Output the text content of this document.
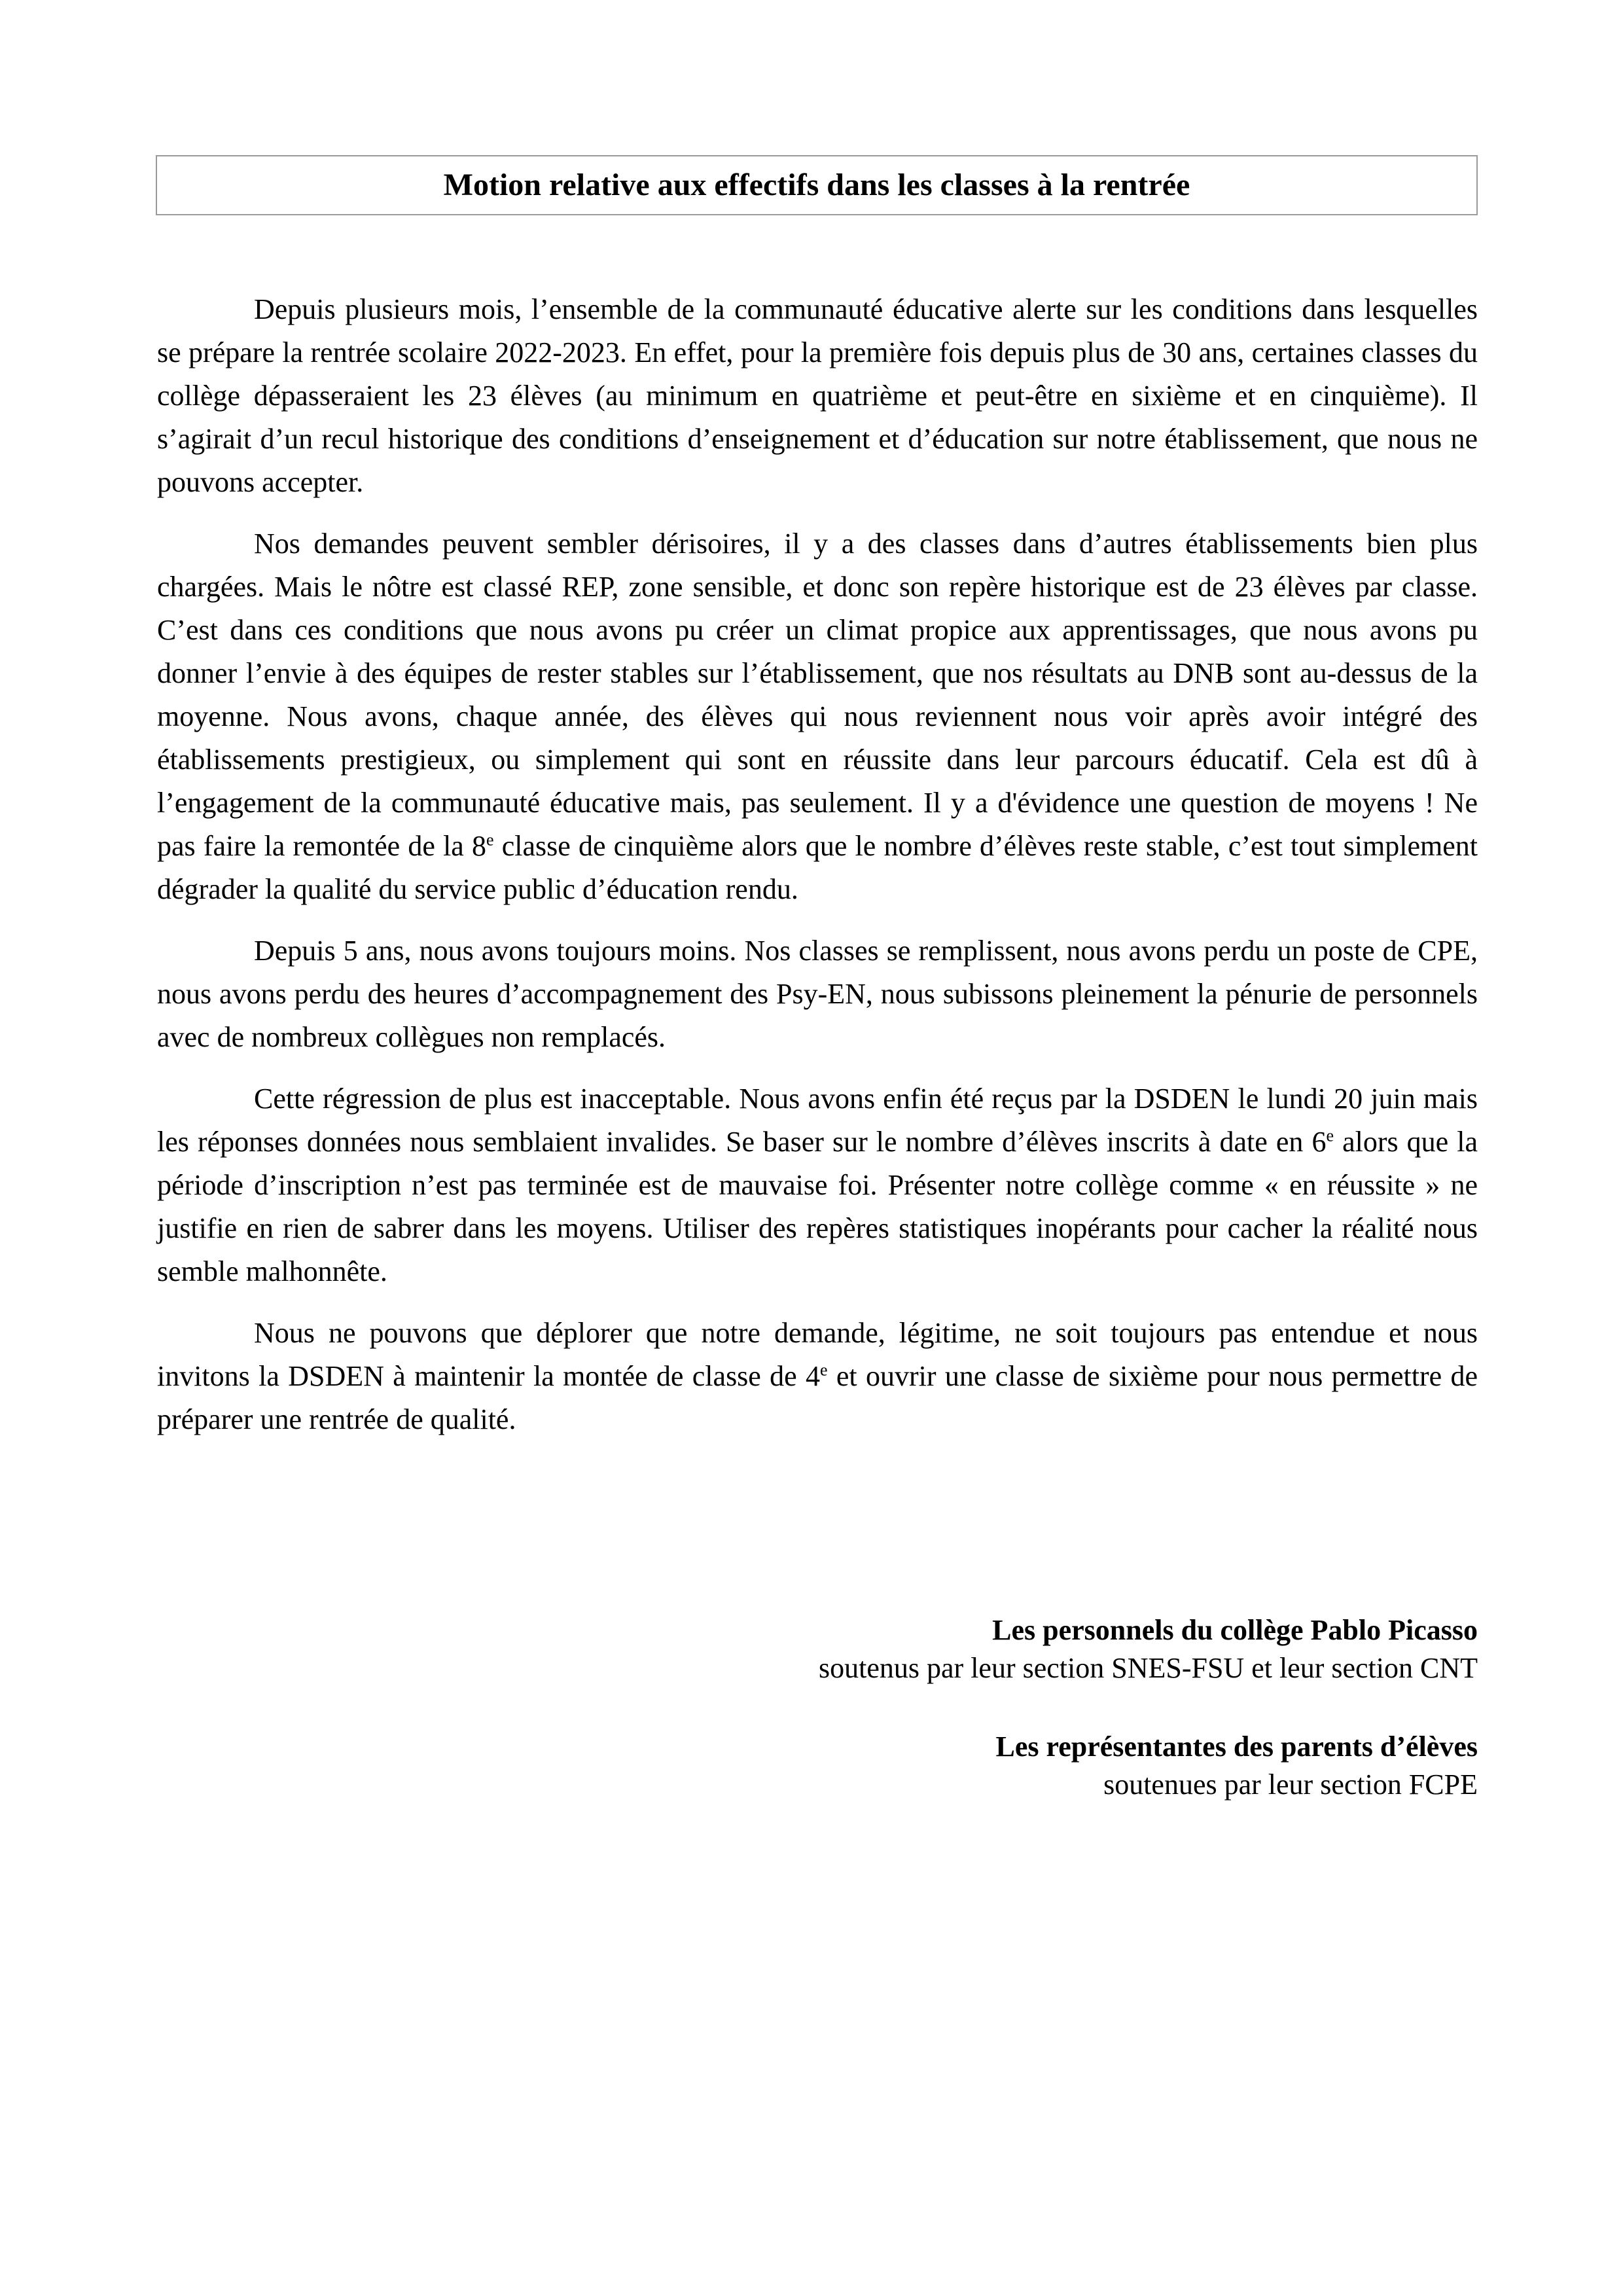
Motion relative aux effectifs dans les classes à la rentrée

Depuis plusieurs mois, l’ensemble de la communauté éducative alerte sur les conditions dans lesquelles se prépare la rentrée scolaire 2022-2023. En effet, pour la première fois depuis plus de 30 ans, certaines classes du collège dépasseraient les 23 élèves (au minimum en quatrième et peut-être en sixième et en cinquième). Il s’agirait d’un recul historique des conditions d’enseignement et d’éducation sur notre établissement, que nous ne pouvons accepter.

Nos demandes peuvent sembler dérisoires, il y a des classes dans d’autres établissements bien plus chargées. Mais le nôtre est classé REP, zone sensible, et donc son repère historique est de 23 élèves par classe. C’est dans ces conditions que nous avons pu créer un climat propice aux apprentissages, que nous avons pu donner l’envie à des équipes de rester stables sur l’établissement, que nos résultats au DNB sont au-dessus de la moyenne. Nous avons, chaque année, des élèves qui nous reviennent nous voir après avoir intégré des établissements prestigieux, ou simplement qui sont en réussite dans leur parcours éducatif. Cela est dû à l’engagement de la communauté éducative mais, pas seulement. Il y a d'évidence une question de moyens ! Ne pas faire la remontée de la 8e classe de cinquième alors que le nombre d’élèves reste stable, c’est tout simplement dégrader la qualité du service public d’éducation rendu.

Depuis 5 ans, nous avons toujours moins. Nos classes se remplissent, nous avons perdu un poste de CPE, nous avons perdu des heures d’accompagnement des Psy-EN, nous subissons pleinement la pénurie de personnels avec de nombreux collègues non remplacés.

Cette régression de plus est inacceptable. Nous avons enfin été reçus par la DSDEN le lundi 20 juin mais les réponses données nous semblaient invalides. Se baser sur le nombre d’élèves inscrits à date en 6e alors que la période d’inscription n’est pas terminée est de mauvaise foi. Présenter notre collège comme « en réussite » ne justifie en rien de sabrer dans les moyens. Utiliser des repères statistiques inopérants pour cacher la réalité nous semble malhonnête.

Nous ne pouvons que déplorer que notre demande, légitime, ne soit toujours pas entendue et nous invitons la DSDEN à maintenir la montée de classe de 4e et ouvrir une classe de sixième pour nous permettre de préparer une rentrée de qualité.

Les personnels du collège Pablo Picasso
soutenus par leur section SNES-FSU et leur section CNT
Les représentantes des parents d’élèves
soutenues par leur section FCPE
